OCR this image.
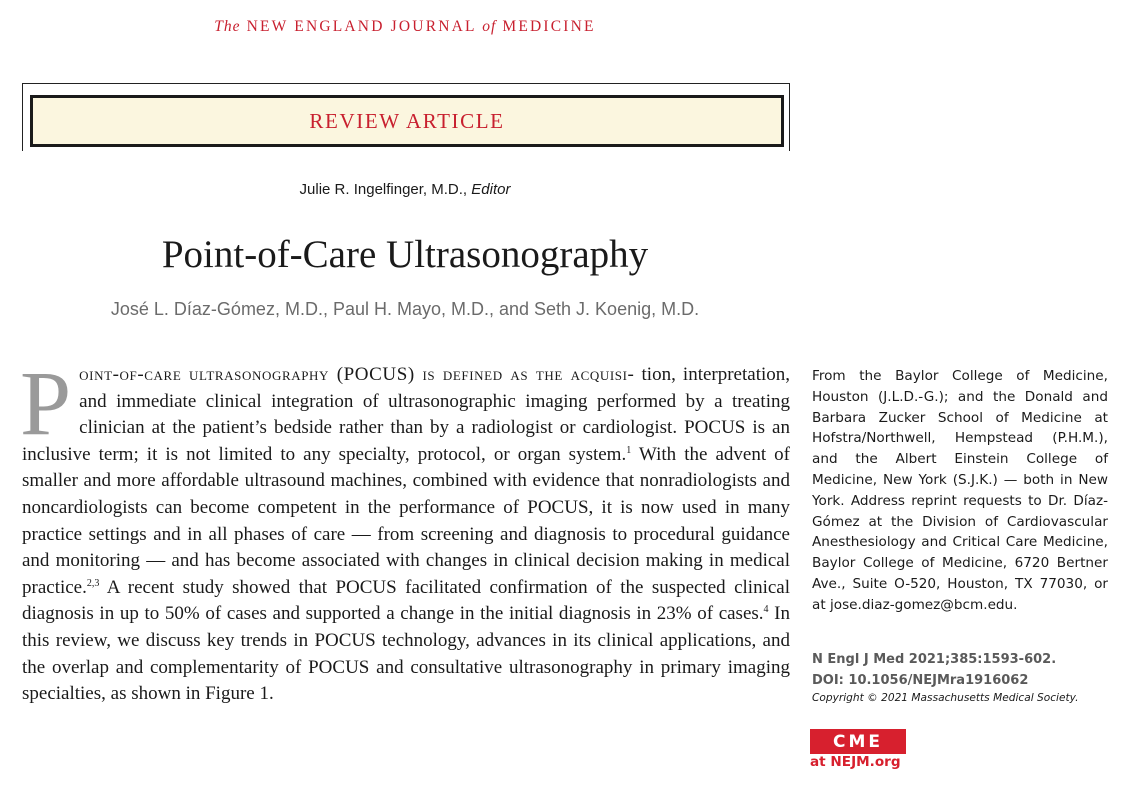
The NEW ENGLAND JOURNAL of MEDICINE
REVIEW ARTICLE
Julie R. Ingelfinger, M.D., Editor
Point-of-Care Ultrasonography
José L. Díaz-Gómez, M.D., Paul H. Mayo, M.D., and Seth J. Koenig, M.D.
Point-of-care ultrasonography (POCUS) is defined as the acquisi- tion, interpretation, and immediate clinical integration of ultrasonographic imaging performed by a treating clinician at the patient’s bedside rather than by a radiologist or cardiologist. POCUS is an inclusive term; it is not limited to any specialty, protocol, or organ system.$^1$ With the advent of smaller and more affordable ultrasound machines, combined with evidence that nonradiologists and noncardiologists can become competent in the performance of POCUS, it is now used in many practice settings and in all phases of care — from screening and diagnosis to procedural guidance and monitoring — and has become associated with changes in clinical decision making in medical practice.$^{2,3}$ A recent study showed that POCUS facilitated confirmation of the suspected clinical diagnosis in up to 50% of cases and supported a change in the initial diagnosis in 23% of cases.$^4$ In this review, we discuss key trends in POCUS technology, advances in its clinical applications, and the overlap and complementarity of POCUS and consultative ultrasonography in primary imaging specialties, as shown in Figure 1.
From the Baylor College of Medicine, Houston (J.L.D.-G.); and the Donald and Barbara Zucker School of Medicine at Hofstra/Northwell, Hempstead (P.H.M.), and the Albert Einstein College of Medicine, New York (S.J.K.) — both in New York. Address reprint requests to Dr. Díaz-Gómez at the Division of Cardiovascular Anesthesiology and Critical Care Medicine, Baylor College of Medicine, 6720 Bertner Ave., Suite O-520, Houston, TX 77030, or at jose.diaz-gomez@bcm.edu.
N Engl J Med 2021;385:1593-602.
DOI: 10.1056/NEJMra1916062
Copyright © 2021 Massachusetts Medical Society.
CME
at NEJM.org
